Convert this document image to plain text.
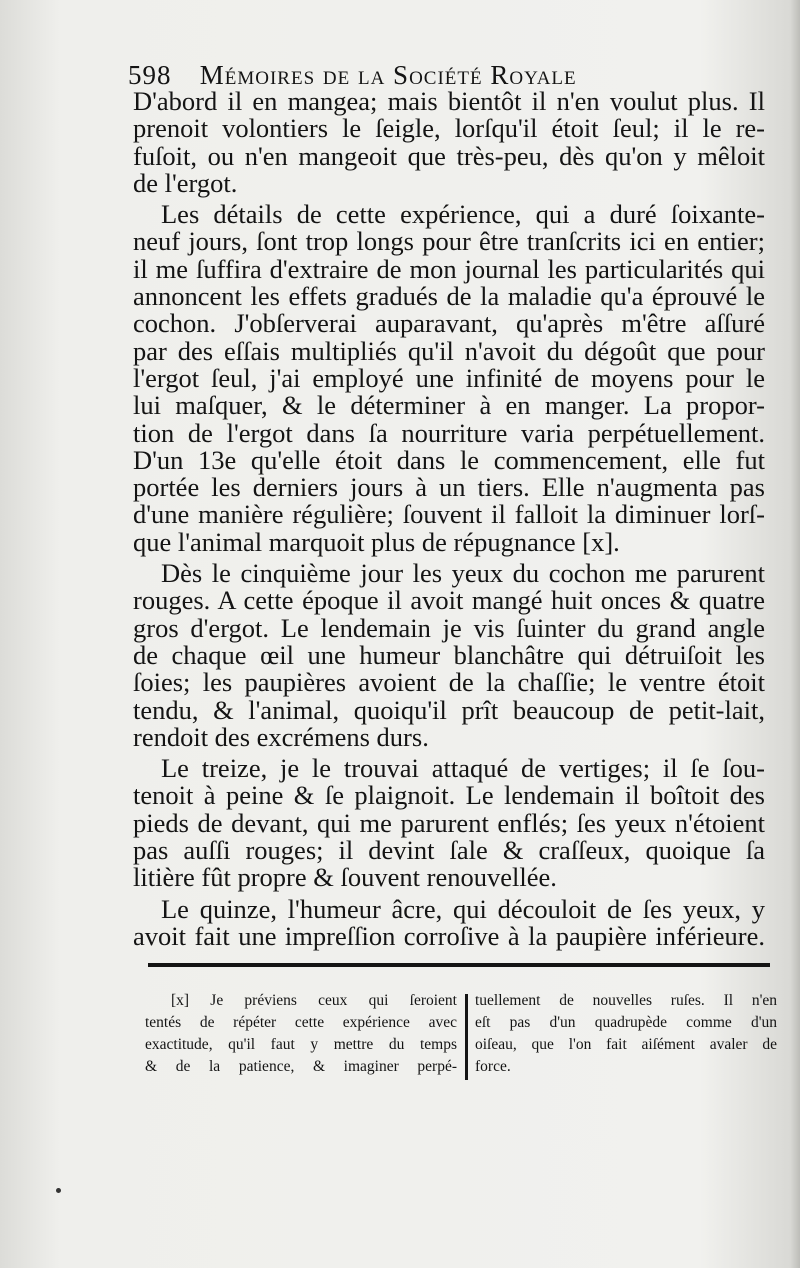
598 Mémoires de la Société Royale
D'abord il en mangea; mais bientôt il n'en voulut plus. Il
prenoit volontiers le ſeigle, lorſqu'il étoit ſeul; il le re-
fuſoit, ou n'en mangeoit que très-peu, dès qu'on y mêloit
de l'ergot.
Les détails de cette expérience, qui a duré ſoixante-
neuf jours, ſont trop longs pour être tranſcrits ici en entier;
il me ſuffira d'extraire de mon journal les particularités qui
annoncent les effets gradués de la maladie qu'a éprouvé le
cochon. J'obſerverai auparavant, qu'après m'être aſſuré
par des eſſais multipliés qu'il n'avoit du dégoût que pour
l'ergot ſeul, j'ai employé une infinité de moyens pour le
lui maſquer, & le déterminer à en manger. La propor-
tion de l'ergot dans ſa nourriture varia perpétuellement.
D'un 13e qu'elle étoit dans le commencement, elle fut
portée les derniers jours à un tiers. Elle n'augmenta pas
d'une manière régulière; ſouvent il falloit la diminuer lorſ-
que l'animal marquoit plus de répugnance [x].
Dès le cinquième jour les yeux du cochon me parurent
rouges. A cette époque il avoit mangé huit onces & quatre
gros d'ergot. Le lendemain je vis ſuinter du grand angle
de chaque œil une humeur blanchâtre qui détruiſoit les
ſoies; les paupières avoient de la chaſſie; le ventre étoit
tendu, & l'animal, quoiqu'il prît beaucoup de petit-lait,
rendoit des excrémens durs.
Le treize, je le trouvai attaqué de vertiges; il ſe ſou-
tenoit à peine & ſe plaignoit. Le lendemain il boîtoit des
pieds de devant, qui me parurent enflés; ſes yeux n'étoient
pas auſſi rouges; il devint ſale & craſſeux, quoique ſa
litière fût propre & ſouvent renouvellée.
Le quinze, l'humeur âcre, qui découloit de ſes yeux, y
avoit fait une impreſſion corroſive à la paupière inférieure.
[x] Je préviens ceux qui ſeroient
tentés de répéter cette expérience avec
exactitude, qu'il faut y mettre du temps
& de la patience, & imaginer perpé-
tuellement de nouvelles ruſes. Il n'en
eſt pas d'un quadrupède comme d'un
oiſeau, que l'on fait aiſément avaler de
force.
